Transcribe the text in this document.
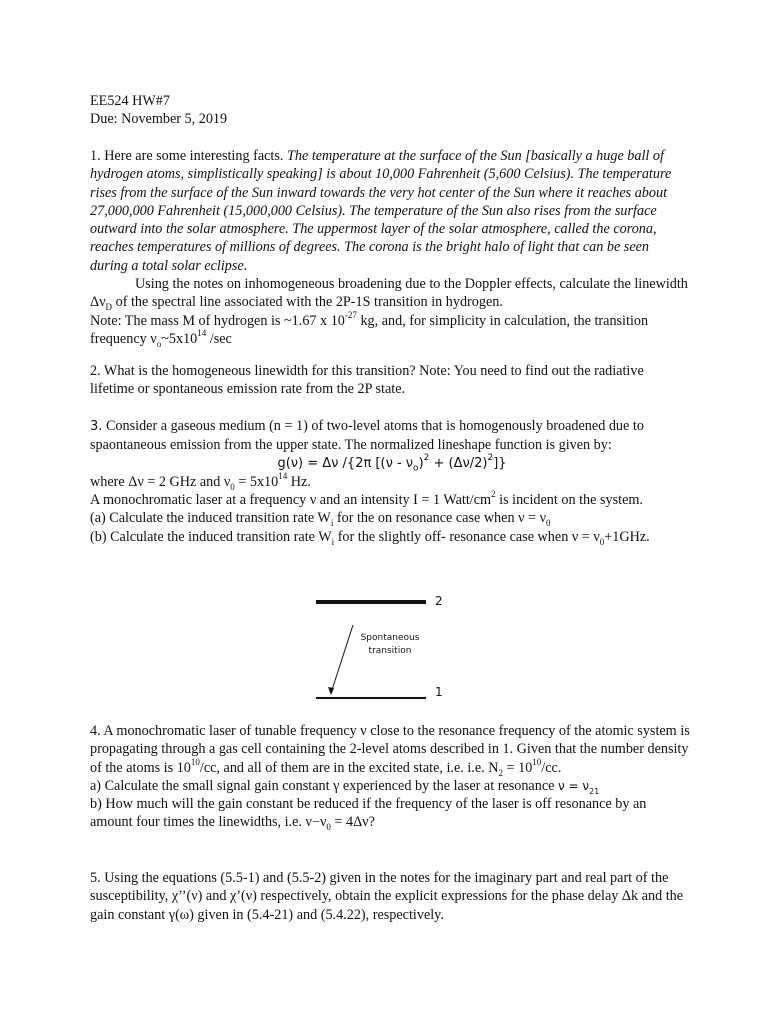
EE524 HW#7

Due: November 5, 2019

1. Here are some interesting facts. The temperature at the surface of the Sun [basically a huge ball of hydrogen atoms, simplistically speaking] is about 10,000 Fahrenheit (5,600 Celsius). The temperature rises from the surface of the Sun inward towards the very hot center of the Sun where it reaches about 27,000,000 Fahrenheit (15,000,000 Celsius). The temperature of the Sun also rises from the surface outward into the solar atmosphere. The uppermost layer of the solar atmosphere, called the corona, reaches temperatures of millions of degrees. The corona is the bright halo of light that can be seen during a total solar eclipse.

Using the notes on inhomogeneous broadening due to the Doppler effects, calculate the linewidth $\Delta\nu_D$ of the spectral line associated with the 2P-1S transition in hydrogen.

Note: The mass M of hydrogen is ~1.67 x $10^{-27}$ kg, and, for simplicity in calculation, the transition frequency $\nu_o\sim 5x10^{14}$ /sec

2. What is the homogeneous linewidth for this transition? Note: You need to find out the radiative lifetime or spontaneous emission rate from the 2P state.

3. Consider a gaseous medium (n = 1) of two-level atoms that is homogenously broadened due to spaontaneous emission from the upper state. The normalized lineshape function is given by:

g(ν) = Δν /{2π $[(\nu - \nu_o)^2 + (\Delta\nu/2)^2]$}

where Δν = 2 GHz and $\nu_0 = 5x10^{14}$ Hz.

A monochromatic laser at a frequency ν and an intensity I = 1 Watt/$cm^2$ is incident on the system.

(a) Calculate the induced transition rate $W_i$ for the on resonance case when $\nu = \nu_0$

(b) Calculate the induced transition rate $W_i$ for the slightly off- resonance case when $\nu = \nu_0+1GHz$.

2
1
Spontaneous
transition

4. A monochromatic laser of tunable frequency ν close to the resonance frequency of the atomic system is propagating through a gas cell containing the 2-level atoms described in 1. Given that the number density of the atoms is $10^{10}/cc$, and all of them are in the excited state, i.e. i.e. $N_2 = 10^{10}/cc$.

a) Calculate the small signal gain constant γ experienced by the laser at resonance $\nu = \nu_{21}$

b) How much will the gain constant be reduced if the frequency of the laser is off resonance by an amount four times the linewidths, i.e. $\nu-\nu_0 = 4\Delta\nu$?

5. Using the equations (5.5-1) and (5.5-2) given in the notes for the imaginary part and real part of the susceptibility, χ’’(ν) and χ’(ν) respectively, obtain the explicit expressions for the phase delay Δk and the gain constant γ(ω) given in (5.4-21) and (5.4.22), respectively.
